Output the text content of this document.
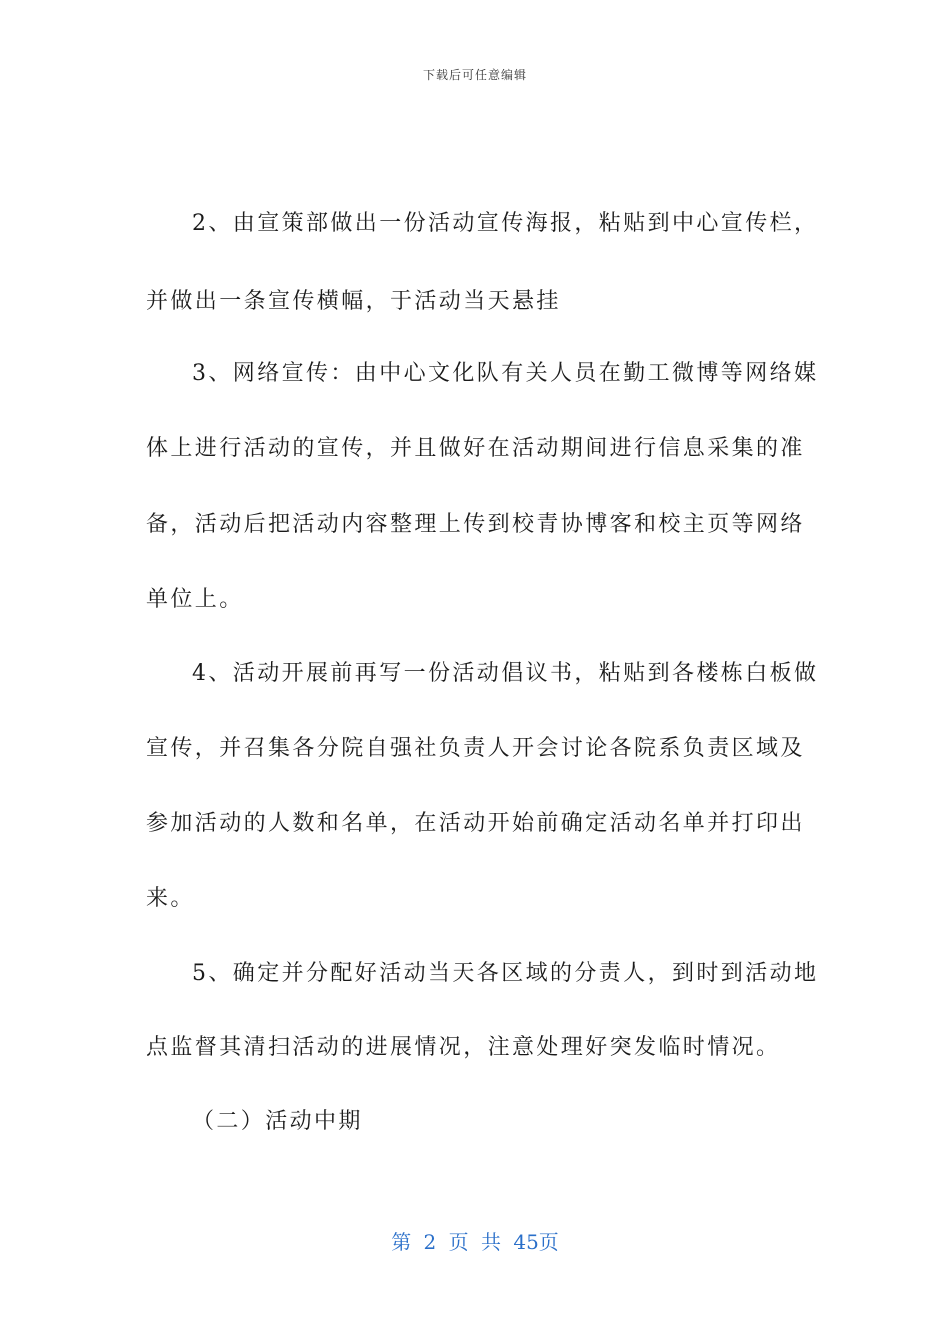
下载后可任意编辑
2、由宣策部做出一份活动宣传海报，粘贴到中心宣传栏，
并做出一条宣传横幅，于活动当天悬挂
3、网络宣传：由中心文化队有关人员在勤工微博等网络媒
体上进行活动的宣传，并且做好在活动期间进行信息采集的准
备，活动后把活动内容整理上传到校青协博客和校主页等网络
单位上。
4、活动开展前再写一份活动倡议书，粘贴到各楼栋白板做
宣传，并召集各分院自强社负责人开会讨论各院系负责区域及
参加活动的人数和名单，在活动开始前确定活动名单并打印出
来。
5、确定并分配好活动当天各区域的分责人，到时到活动地
点监督其清扫活动的进展情况，注意处理好突发临时情况。
（二）活动中期
第 2 页 共 45页
